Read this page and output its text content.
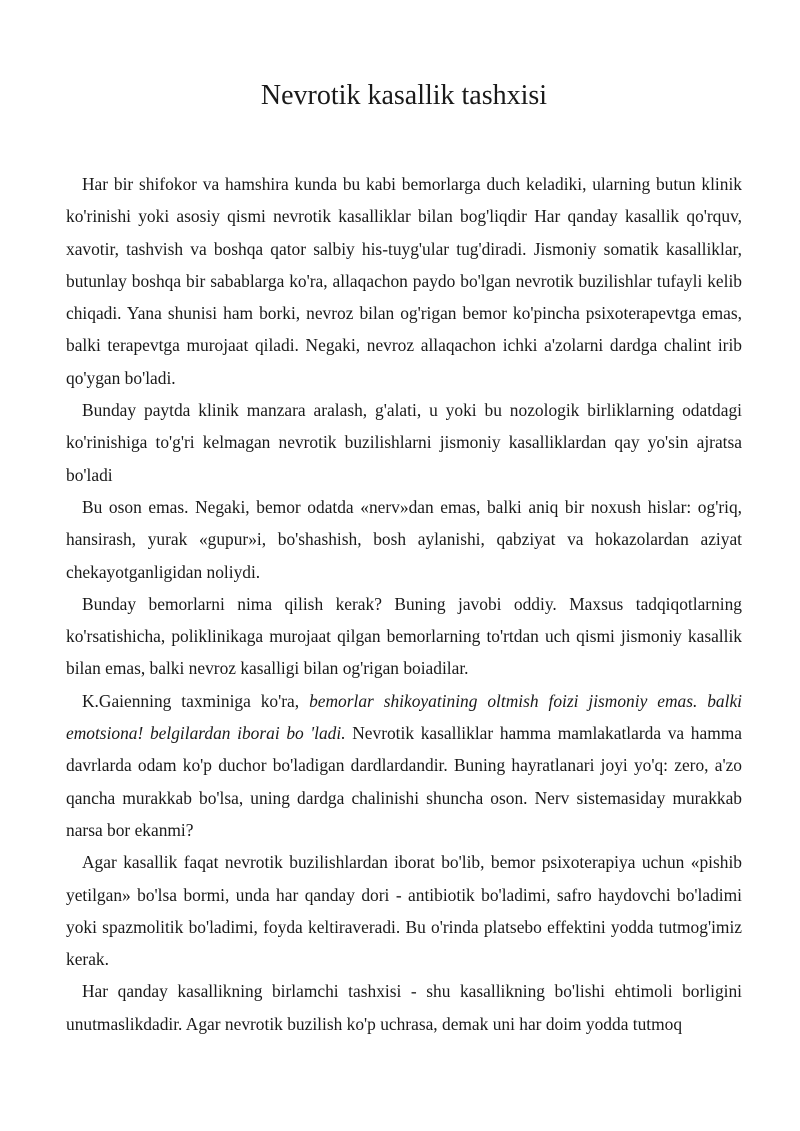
Nevrotik kasallik tashxisi

Har bir shifokor va hamshira kunda bu kabi bemorlarga duch keladiki, ularning butun klinik ko'rinishi yoki asosiy qismi nevrotik kasalliklar bilan bog'liqdir Har qanday kasallik qo'rquv, xavotir, tashvish va boshqa qator salbiy his-tuyg'ular tug'diradi. Jismoniy somatik kasalliklar, butunlay boshqa bir sabablarga ko'ra, allaqachon paydo bo'lgan nevrotik buzilishlar tufayli kelib chiqadi. Yana shunisi ham borki, nevroz bilan og'rigan bemor ko'pincha psixoterapevtga emas, balki terapevtga murojaat qiladi. Negaki, nevroz allaqachon ichki a'zolarni dardga chalint irib qo'ygan bo'ladi.

Bunday paytda klinik manzara aralash, g'alati, u yoki bu nozologik birliklarning odatdagi ko'rinishiga to'g'ri kelmagan nevrotik buzilishlarni jismoniy kasalliklardan qay yo'sin ajratsa bo'ladi

Bu oson emas. Negaki, bemor odatda «nerv»dan emas, balki aniq bir noxush hislar: og'riq, hansirash, yurak «gupur»i, bo'shashish, bosh aylanishi, qabziyat va hokazolardan aziyat chekayotganligidan noliydi.

Bunday bemorlarni nima qilish kerak? Buning javobi oddiy. Maxsus tadqiqotlarning ko'rsatishicha, poliklinikaga murojaat qilgan bemorlarning to'rtdan uch qismi jismoniy kasallik bilan emas, balki nevroz kasalligi bilan og'rigan boiadilar.

K.Gaienning taxminiga ko'ra, bemorlar shikoyatining oltmish foizi jismoniy emas. balki emotsiona! belgilardan iborai bo 'ladi. Nevrotik kasalliklar hamma mamlakatlarda va hamma davrlarda odam ko'p duchor bo'ladigan dardlardandir. Buning hayratlanari joyi yo'q: zero, a'zo qancha murakkab bo'lsa, uning dardga chalinishi shuncha oson. Nerv sistemasiday murakkab narsa bor ekanmi?

Agar kasallik faqat nevrotik buzilishlardan iborat bo'lib, bemor psixoterapiya uchun «pishib yetilgan» bo'lsa bormi, unda har qanday dori - antibiotik bo'ladimi, safro haydovchi bo'ladimi yoki spazmolitik bo'ladimi, foyda keltiraveradi. Bu o'rinda platsebo effektini yodda tutmog'imiz kerak.

Har qanday kasallikning birlamchi tashxisi - shu kasallikning bo'lishi ehtimoli borligini unutmaslikdadir. Agar nevrotik buzilish ko'p uchrasa, demak uni har doim yodda tutmoq
